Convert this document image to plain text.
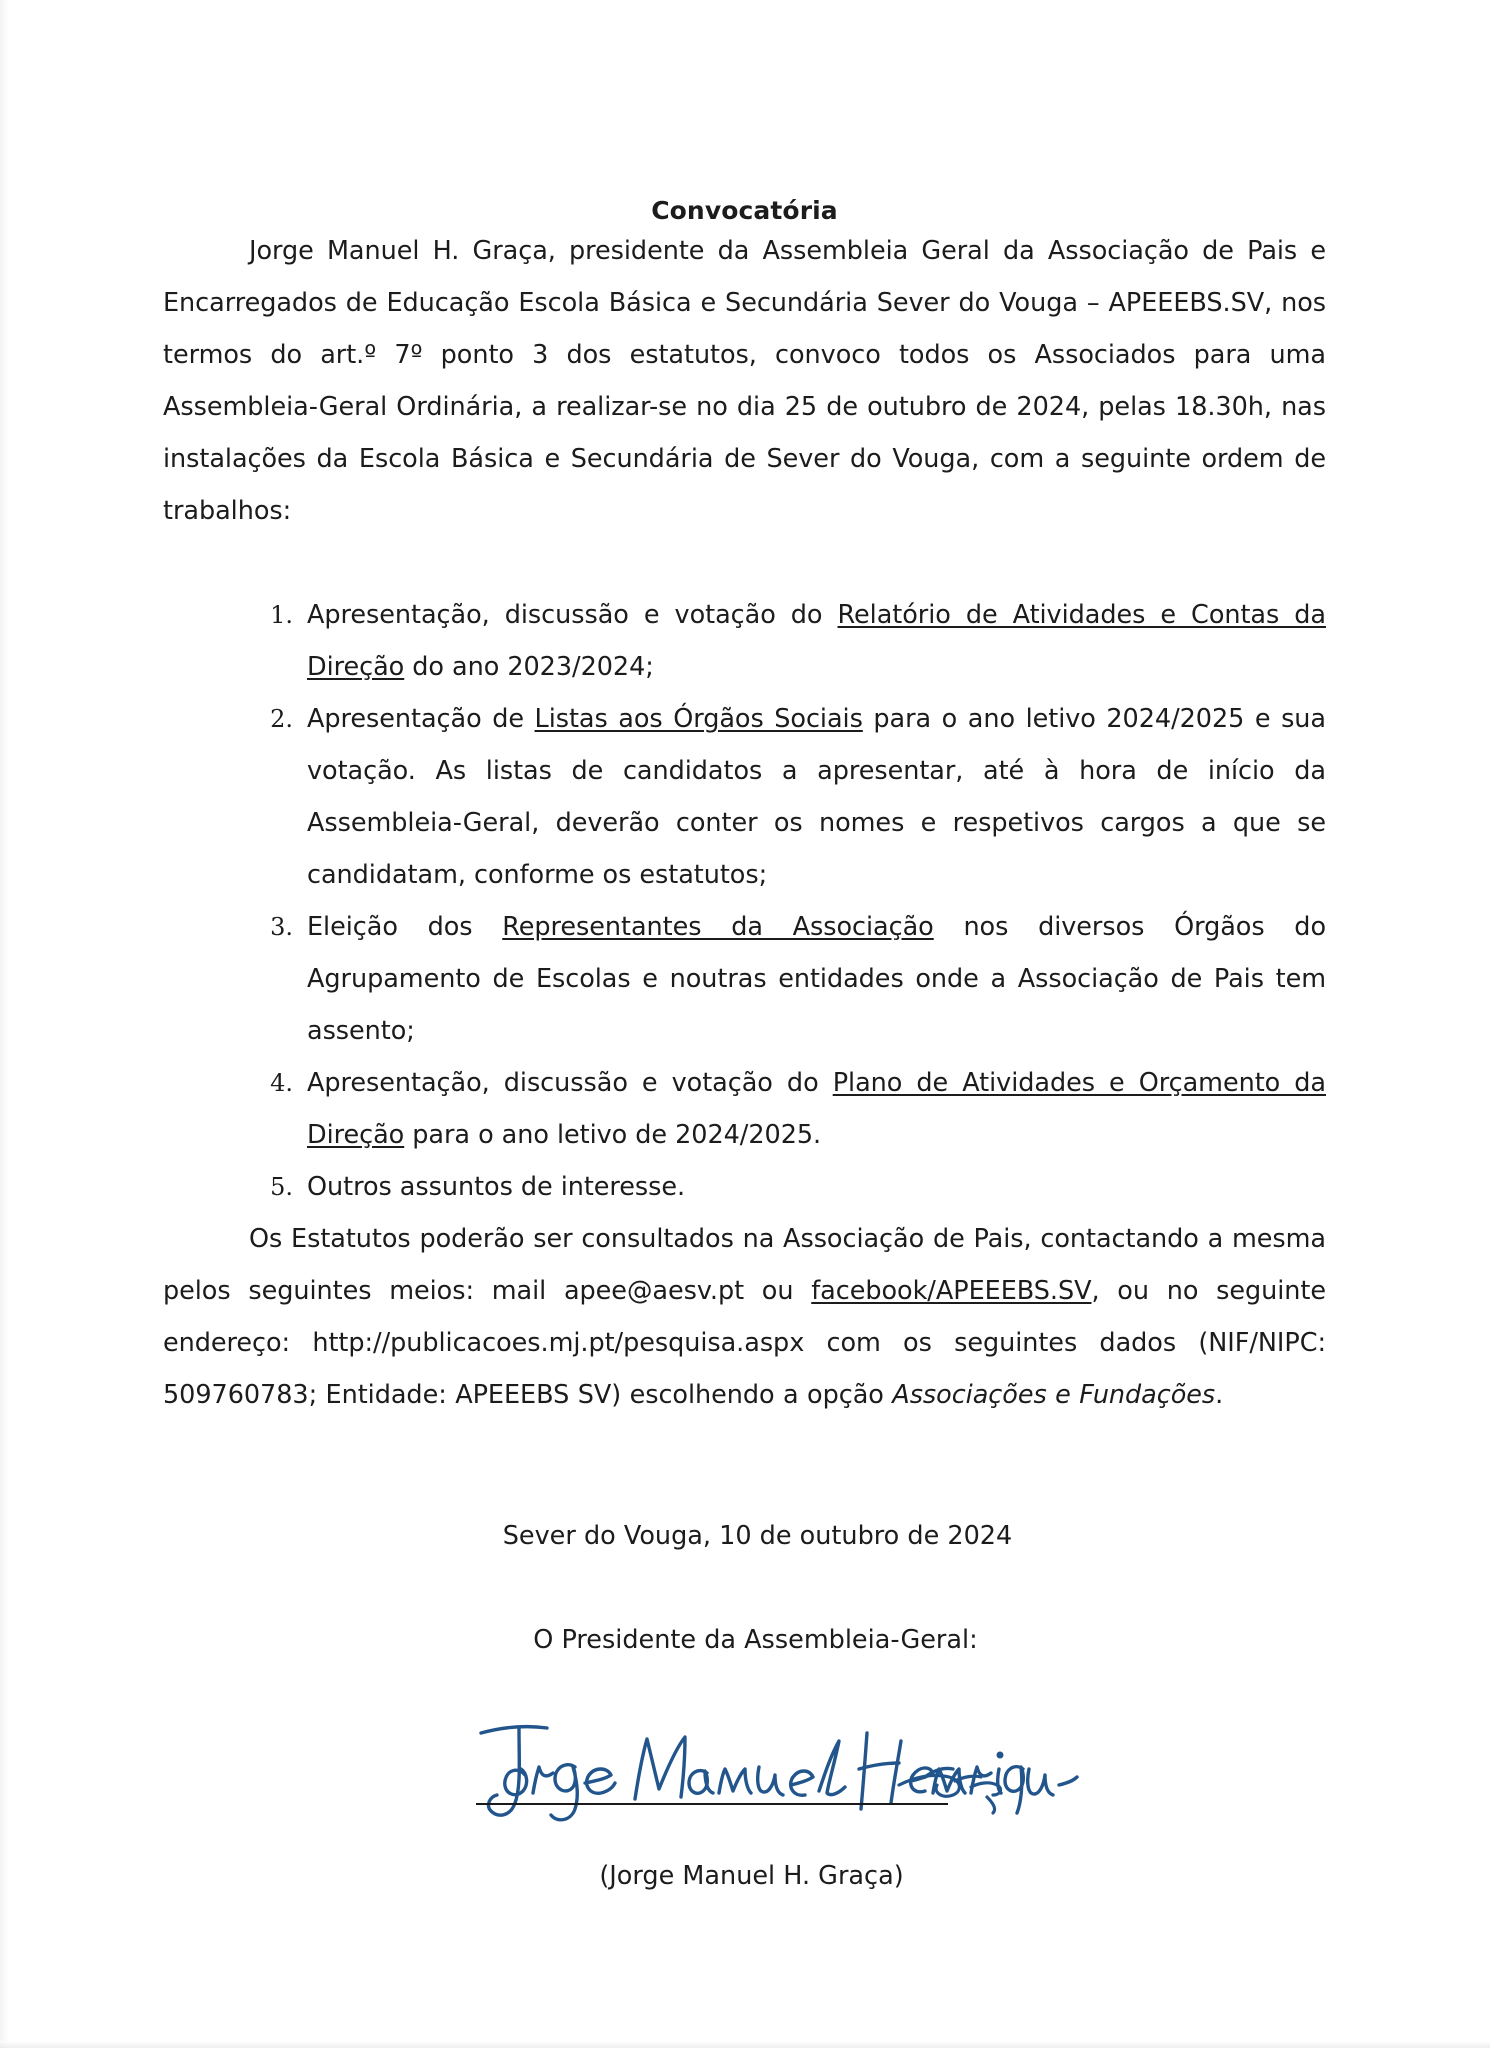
Convocatória

Jorge Manuel H. Graça, presidente da Assembleia Geral da Associação de Pais e Encarregados de Educação Escola Básica e Secundária Sever do Vouga – APEEEBS.SV, nos termos do art.º 7º ponto 3 dos estatutos, convoco todos os Associados para uma Assembleia-Geral Ordinária, a realizar-se no dia 25 de outubro de 2024, pelas 18.30h, nas instalações da Escola Básica e Secundária de Sever do Vouga, com a seguinte ordem de trabalhos:

Apresentação, discussão e votação do Relatório de Atividades e Contas da Direção do ano 2023/2024;
Apresentação de Listas aos Órgãos Sociais para o ano letivo 2024/2025 e sua votação. As listas de candidatos a apresentar, até à hora de início da Assembleia-Geral, deverão conter os nomes e respetivos cargos a que se candidatam, conforme os estatutos;
Eleição dos Representantes da Associação nos diversos Órgãos do Agrupamento de Escolas e noutras entidades onde a Associação de Pais tem assento;
Apresentação, discussão e votação do Plano de Atividades e Orçamento da Direção para o ano letivo de 2024/2025.
Outros assuntos de interesse.

Os Estatutos poderão ser consultados na Associação de Pais, contactando a mesma pelos seguintes meios: mail apee@aesv.pt ou facebook/APEEEBS.SV, ou no seguinte endereço: http://publicacoes.mj.pt/pesquisa.aspx com os seguintes dados (NIF/NIPC: 509760783; Entidade: APEEEBS SV) escolhendo a opção Associações e Fundações.

Sever do Vouga, 10 de outubro de 2024

O Presidente da Assembleia-Geral:

(Jorge Manuel H. Graça)
